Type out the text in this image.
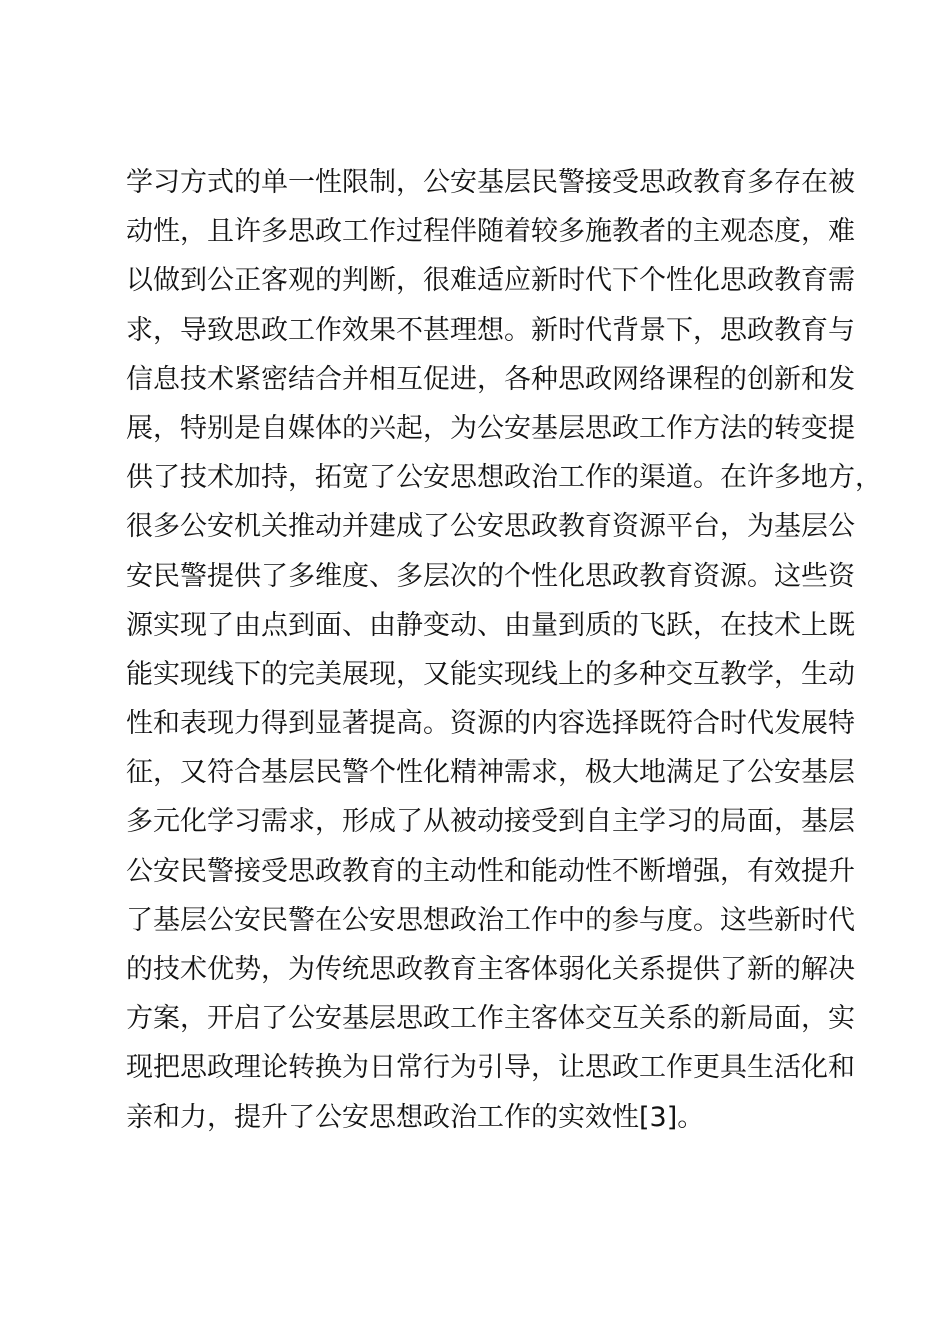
学习方式的单一性限制，公安基层民警接受思政教育多存在被
动性，且许多思政工作过程伴随着较多施教者的主观态度，难
以做到公正客观的判断，很难适应新时代下个性化思政教育需
求，导致思政工作效果不甚理想。新时代背景下，思政教育与
信息技术紧密结合并相互促进，各种思政网络课程的创新和发
展，特别是自媒体的兴起，为公安基层思政工作方法的转变提
供了技术加持，拓宽了公安思想政治工作的渠道。在许多地方，
很多公安机关推动并建成了公安思政教育资源平台，为基层公
安民警提供了多维度、多层次的个性化思政教育资源。这些资
源实现了由点到面、由静变动、由量到质的飞跃，在技术上既
能实现线下的完美展现，又能实现线上的多种交互教学，生动
性和表现力得到显著提高。资源的内容选择既符合时代发展特
征，又符合基层民警个性化精神需求，极大地满足了公安基层
多元化学习需求，形成了从被动接受到自主学习的局面，基层
公安民警接受思政教育的主动性和能动性不断增强，有效提升
了基层公安民警在公安思想政治工作中的参与度。这些新时代
的技术优势，为传统思政教育主客体弱化关系提供了新的解决
方案，开启了公安基层思政工作主客体交互关系的新局面，实
现把思政理论转换为日常行为引导，让思政工作更具生活化和
亲和力，提升了公安思想政治工作的实效性[3]。
